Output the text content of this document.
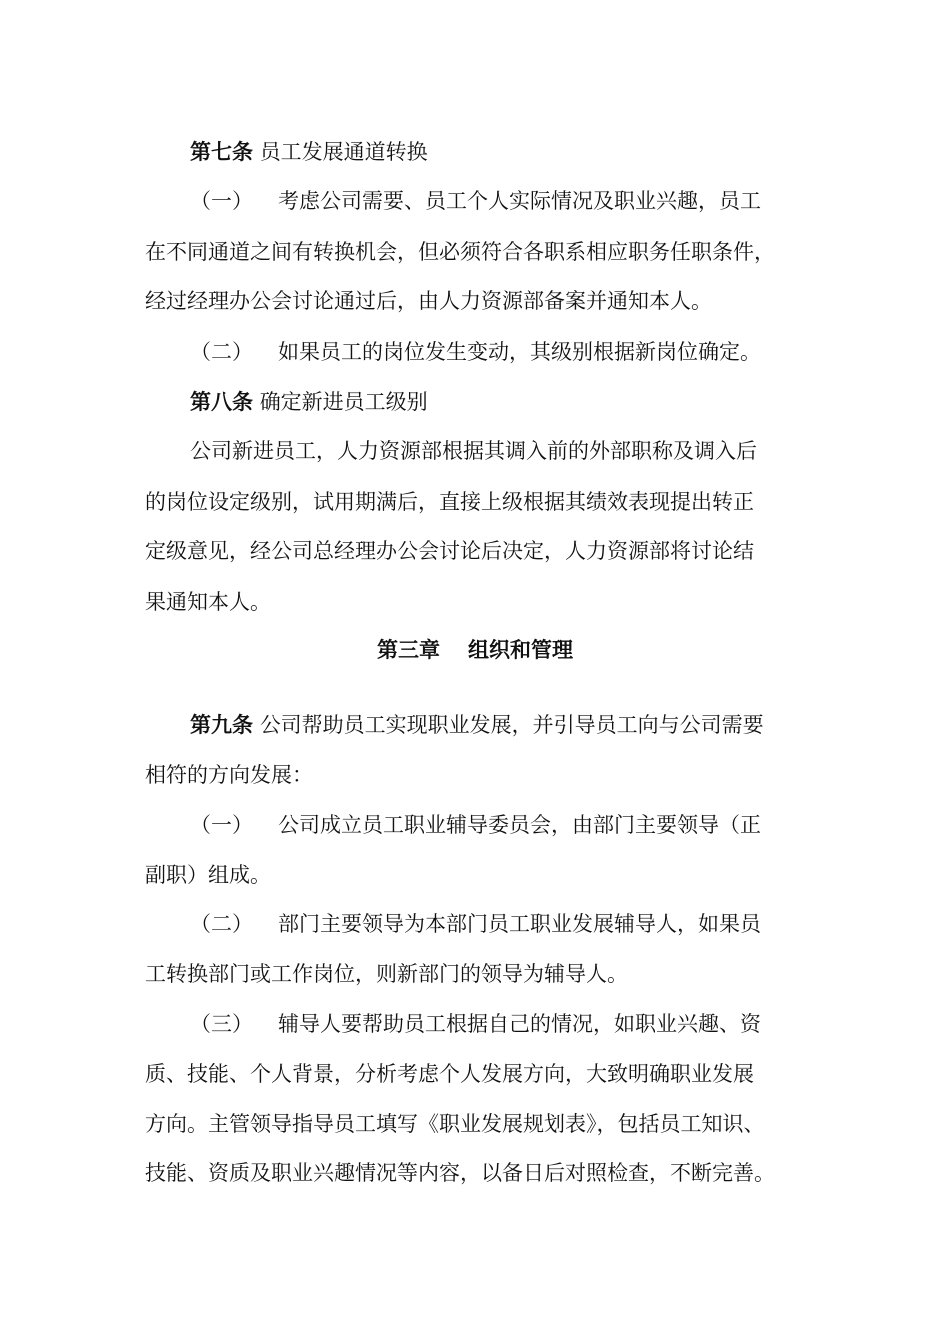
第七条 员工发展通道转换
（一） 考虑公司需要、员工个人实际情况及职业兴趣，员工
在不同通道之间有转换机会，但必须符合各职系相应职务任职条件，
经过经理办公会讨论通过后，由人力资源部备案并通知本人。
（二） 如果员工的岗位发生变动，其级别根据新岗位确定。
第八条 确定新进员工级别
公司新进员工，人力资源部根据其调入前的外部职称及调入后
的岗位设定级别，试用期满后，直接上级根据其绩效表现提出转正
定级意见，经公司总经理办公会讨论后决定，人力资源部将讨论结
果通知本人。
第三章 组织和管理
第九条 公司帮助员工实现职业发展，并引导员工向与公司需要
相符的方向发展：
（一） 公司成立员工职业辅导委员会，由部门主要领导（正
副职）组成。
（二） 部门主要领导为本部门员工职业发展辅导人，如果员
工转换部门或工作岗位，则新部门的领导为辅导人。
（三） 辅导人要帮助员工根据自己的情况，如职业兴趣、资
质、技能、个人背景，分析考虑个人发展方向，大致明确职业发展
方向。主管领导指导员工填写《职业发展规划表》，包括员工知识、
技能、资质及职业兴趣情况等内容，以备日后对照检查，不断完善。
